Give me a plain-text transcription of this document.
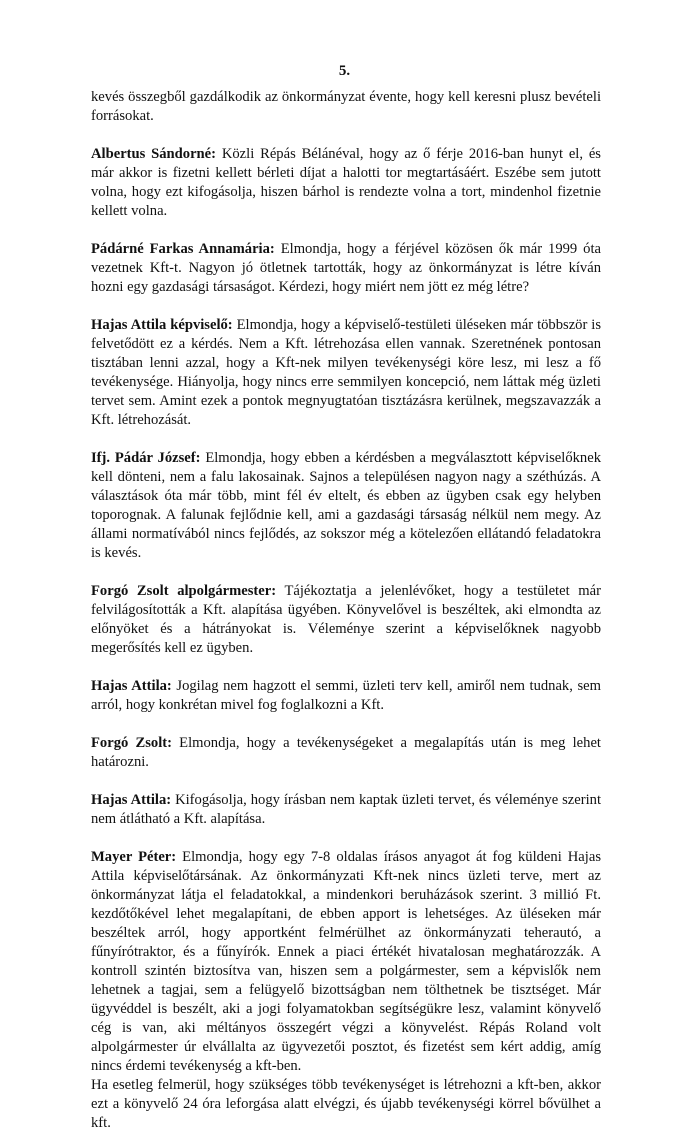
5.

kevés összegből gazdálkodik az önkormányzat évente, hogy kell keresni plusz bevételi forrásokat.

Albertus Sándorné: Közli Répás Bélánéval, hogy az ő férje 2016-ban hunyt el, és már akkor is fizetni kellett bérleti díjat a halotti tor megtartásáért. Eszébe sem jutott volna, hogy ezt kifogásolja, hiszen bárhol is rendezte volna a tort, mindenhol fizetnie kellett volna.

Pádárné Farkas Annamária: Elmondja, hogy a férjével közösen ők már 1999 óta vezetnek Kft-t. Nagyon jó ötletnek tartották, hogy az önkormányzat is létre kíván hozni egy gazdasági társaságot. Kérdezi, hogy miért nem jött ez még létre?

Hajas Attila képviselő: Elmondja, hogy a képviselő-testületi üléseken már többször is felvetődött ez a kérdés. Nem a Kft. létrehozása ellen vannak. Szeretnének pontosan tisztában lenni azzal, hogy a Kft-nek milyen tevékenységi köre lesz, mi lesz a fő tevékenysége. Hiányolja, hogy nincs erre semmilyen koncepció, nem láttak még üzleti tervet sem. Amint ezek a pontok megnyugtatóan tisztázásra kerülnek, megszavazzák a Kft. létrehozását.

Ifj. Pádár József: Elmondja, hogy ebben a kérdésben a megválasztott képviselőknek kell dönteni, nem a falu lakosainak. Sajnos a településen nagyon nagy a széthúzás. A választások óta már több, mint fél év eltelt, és ebben az ügyben csak egy helyben toporognak. A falunak fejlődnie kell, ami a gazdasági társaság nélkül nem megy. Az állami normatívából nincs fejlődés, az sokszor még a kötelezően ellátandó feladatokra is kevés.

Forgó Zsolt alpolgármester: Tájékoztatja a jelenlévőket, hogy a testületet már felvilágosították a Kft. alapítása ügyében. Könyvelővel is beszéltek, aki elmondta az előnyöket és a hátrányokat is. Véleménye szerint a képviselőknek nagyobb megerősítés kell ez ügyben.

Hajas Attila: Jogilag nem hagzott el semmi, üzleti terv kell, amiről nem tudnak, sem arról, hogy konkrétan mivel fog foglalkozni a Kft.

Forgó Zsolt: Elmondja, hogy a tevékenységeket a megalapítás után is meg lehet határozni.

Hajas Attila: Kifogásolja, hogy írásban nem kaptak üzleti tervet, és véleménye szerint nem átlátható a Kft. alapítása.

Mayer Péter: Elmondja, hogy egy 7-8 oldalas írásos anyagot át fog küldeni Hajas Attila képviselőtársának. Az önkormányzati Kft-nek nincs üzleti terve, mert az önkormányzat látja el feladatokkal, a mindenkori beruházások szerint. 3 millió Ft. kezdőtőkével lehet megalapítani, de ebben apport is lehetséges. Az üléseken már beszéltek arról, hogy apportként felmérülhet az önkormányzati teherautó, a fűnyírótraktor, és a fűnyírók. Ennek a piaci értékét hivatalosan meghatározzák. A kontroll szintén biztosítva van, hiszen sem a polgármester, sem a képvislők nem lehetnek a tagjai, sem a felügyelő bizottságban nem tölthetnek be tisztséget. Már ügyvéddel is beszélt, aki a jogi folyamatokban segítségükre lesz, valamint könyvelő cég is van, aki méltányos összegért végzi a könyvelést. Répás Roland volt alpolgármester úr elvállalta az ügyvezetői posztot, és fizetést sem kért addig, amíg nincs érdemi tevékenység a kft-ben.

Ha esetleg felmerül, hogy szükséges több tevékenységet is létrehozni a kft-ben, akkor ezt a könyvelő 24 óra leforgása alatt elvégzi, és újabb tevékenységi körrel bővülhet a kft.
